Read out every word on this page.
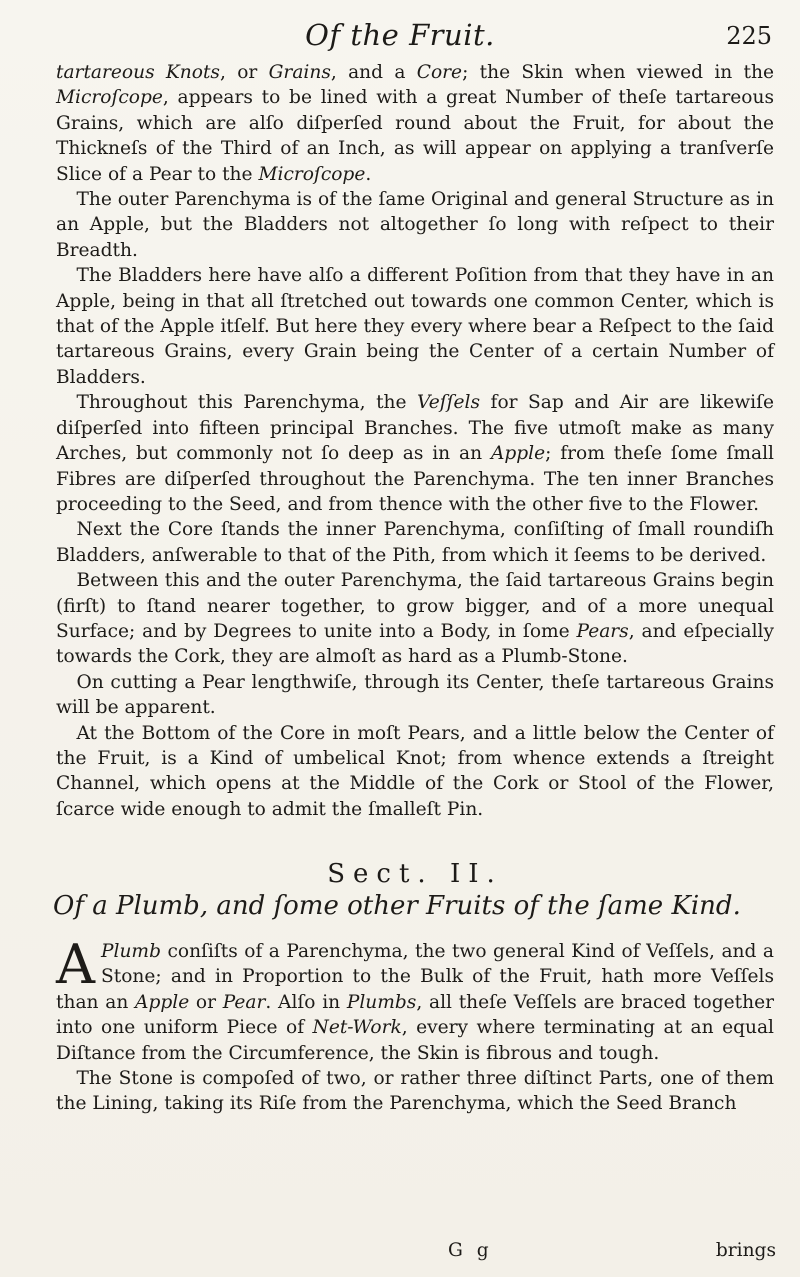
Of the Fruit.	225

tartareous Knots, or Grains, and a Core; the Skin when viewed in the Microſcope, appears to be lined with a great Number of theſe tartareous Grains, which are alſo diſperſed round about the Fruit, for about the Thickneſs of the Third of an Inch, as will appear on applying a tranſverſe Slice of a Pear to the Microſcope.

The outer Parenchyma is of the ſame Original and general Structure as in an Apple, but the Bladders not altogether ſo long with reſpect to their Breadth.

The Bladders here have alſo a different Poſition from that they have in an Apple, being in that all ſtretched out towards one common Center, which is that of the Apple itſelf. But here they every where bear a Reſpect to the ſaid tartareous Grains, every Grain being the Center of a certain Number of Bladders.

Throughout this Parenchyma, the Veſſels for Sap and Air are likewiſe diſperſed into fifteen principal Branches. The five utmoſt make as many Arches, but commonly not ſo deep as in an Apple; from theſe ſome ſmall Fibres are diſperſed throughout the Parenchyma. The ten inner Branches proceeding to the Seed, and from thence with the other five to the Flower.

Next the Core ſtands the inner Parenchyma, conſiſting of ſmall roundiſh Bladders, anſwerable to that of the Pith, from which it ſeems to be derived.

Between this and the outer Parenchyma, the ſaid tartareous Grains begin (firſt) to ſtand nearer together, to grow bigger, and of a more unequal Surface; and by Degrees to unite into a Body, in ſome Pears, and eſpecially towards the Cork, they are almoſt as hard as a Plumb-Stone.

On cutting a Pear lengthwiſe, through its Center, theſe tartareous Grains will be apparent.

At the Bottom of the Core in moſt Pears, and a little below the Center of the Fruit, is a Kind of umbelical Knot; from whence extends a ſtreight Channel, which opens at the Middle of the Cork or Stool of the Flower, ſcarce wide enough to admit the ſmalleſt Pin.

Sect. II.
Of a Plumb, and ſome other Fruits of the ſame Kind.

A Plumb conſiſts of a Parenchyma, the two general Kind of Veſſels, and a Stone; and in Proportion to the Bulk of the Fruit, hath more Veſſels than an Apple or Pear. Alſo in Plumbs, all theſe Veſſels are braced together into one uniform Piece of Net-Work, every where terminating at an equal Diſtance from the Circumference, the Skin is fibrous and tough.

The Stone is compoſed of two, or rather three diſtinct Parts, one of them the Lining, taking its Riſe from the Parenchyma, which the Seed Branch

G g	brings
